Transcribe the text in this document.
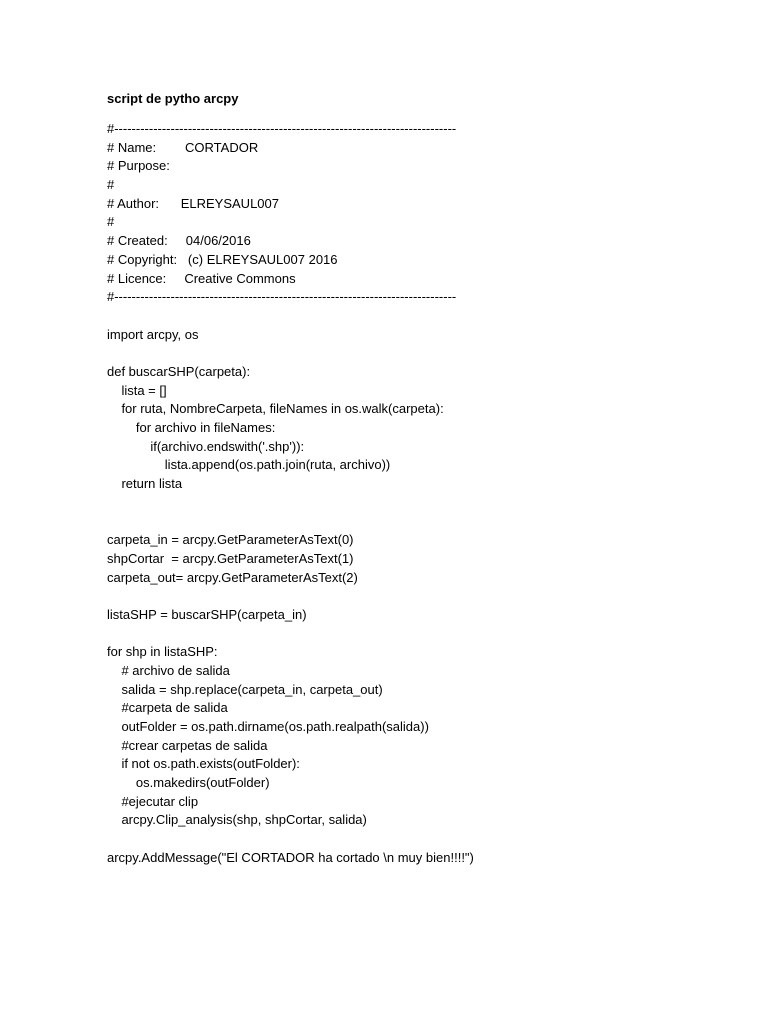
script de pytho arcpy
#-------------------------------------------------------------------------------
# Name:        CORTADOR
# Purpose:
#
# Author:      ELREYSAUL007
#
# Created:     04/06/2016
# Copyright:   (c) ELREYSAUL007 2016
# Licence:     Creative Commons
#-------------------------------------------------------------------------------
import arcpy, os
def buscarSHP(carpeta):
lista = []
for ruta, NombreCarpeta, fileNames in os.walk(carpeta):
for archivo in fileNames:
if(archivo.endswith('.shp')):
lista.append(os.path.join(ruta, archivo))
return lista
carpeta_in = arcpy.GetParameterAsText(0)
shpCortar  = arcpy.GetParameterAsText(1)
carpeta_out= arcpy.GetParameterAsText(2)
listaSHP = buscarSHP(carpeta_in)
for shp in listaSHP:
# archivo de salida
salida = shp.replace(carpeta_in, carpeta_out)
#carpeta de salida
outFolder = os.path.dirname(os.path.realpath(salida))
#crear carpetas de salida
if not os.path.exists(outFolder):
os.makedirs(outFolder)
#ejecutar clip
arcpy.Clip_analysis(shp, shpCortar, salida)
arcpy.AddMessage("El CORTADOR ha cortado \n muy bien!!!!")
